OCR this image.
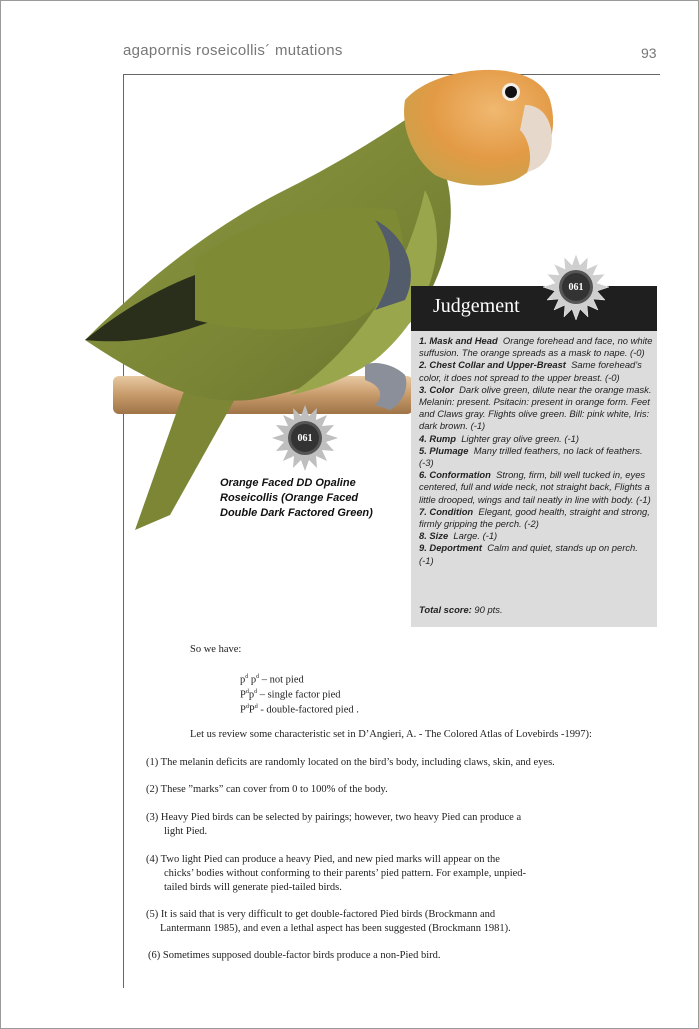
agapornis roseicollis´ mutations	93
061
Orange Faced DD Opaline
Roseicollis (Orange Faced
Double Dark Factored Green)
Judgement

1. Mask and Head Orange forehead and face, no white suffusion. The orange spreads as a mask to nape. (-0)

2. Chest Collar and Upper-Breast Same forehead’s color, it does not spread to the upper breast. (-0)

3. Color Dark olive green, dilute near the orange mask. Melanin: present. Psitacin: present in orange form. Feet and Claws gray. Flights olive green. Bill: pink white, Iris: dark brown. (-1)

4. Rump Lighter gray olive green. (-1)

5. Plumage Many trilled feathers, no lack of feathers. (-3)

6. Conformation Strong, firm, bill well tucked in, eyes centered, full and wide neck, not straight back, Flights a little drooped, wings and tail neatly in line with body. (-1)

7. Condition Elegant, good health, straight and strong, firmly gripping the perch. (-2)

8. Size Large. (-1)

9. Deportment Calm and quiet, stands up on perch. (-1)

Total score: 90 pts.
061
So we have:
$p^d$ $p^d$ – not pied
$P^dp^d$ – single factor pied
$P^dP^d$ - double-factored pied .
Let us review some characteristic set in D’Angieri, A. - The Colored Atlas of Lovebirds -1997):
(1) The melanin deficits are randomly located on the bird’s body, including claws, skin, and eyes.
(2) These ”marks” can cover from 0 to 100% of the body.
(3) Heavy Pied birds can be selected by pairings; however, two heavy Pied can produce a
light Pied.
(4) Two light Pied can produce a heavy Pied, and new pied marks will appear on the
chicks’ bodies without conforming to their parents’ pied pattern. For example, unpied-
tailed birds will generate pied-tailed birds.
(5) It is said that is very difficult to get double-factored Pied birds (Brockmann and
Lantermann 1985), and even a lethal aspect has been suggested (Brockmann 1981).
(6) Sometimes supposed double-factor birds produce a non-Pied bird.
